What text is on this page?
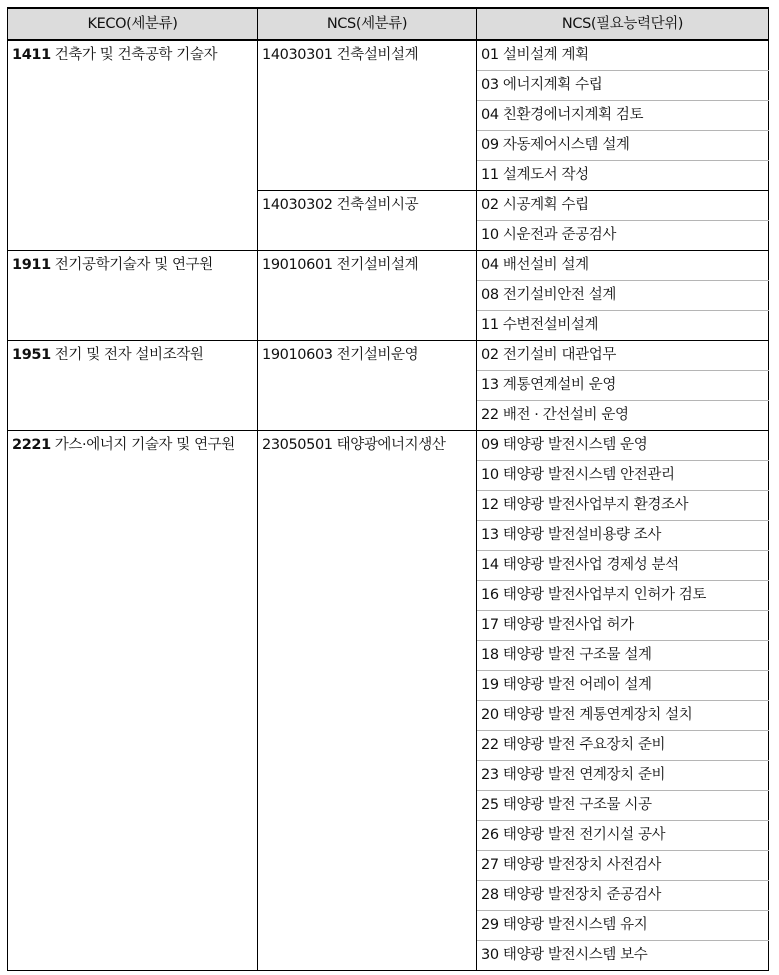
KECO(세분류)	NCS(세분류)	NCS(필요능력단위)
1411 건축가 및 건축공학 기술자	14030301 건축설비설계	01 설비설계 계획
		03 에너지계획 수립
		04 친환경에너지계획 검토
		09 자동제어시스템 설계
		11 설계도서 작성
	14030302 건축설비시공	02 시공계획 수립
		10 시운전과 준공검사
1911 전기공학기술자 및 연구원	19010601 전기설비설계	04 배선설비 설계
		08 전기설비안전 설계
		11 수변전설비설계
1951 전기 및 전자 설비조작원	19010603 전기설비운영	02 전기설비 대관업무
		13 계통연계설비 운영
		22 배전 · 간선설비 운영
2221 가스·에너지 기술자 및 연구원	23050501 태양광에너지생산	09 태양광 발전시스템 운영
		10 태양광 발전시스템 안전관리
		12 태양광 발전사업부지 환경조사
		13 태양광 발전설비용량 조사
		14 태양광 발전사업 경제성 분석
		16 태양광 발전사업부지 인허가 검토
		17 태양광 발전사업 허가
		18 태양광 발전 구조물 설계
		19 태양광 발전 어레이 설계
		20 태양광 발전 계통연계장치 설치
		22 태양광 발전 주요장치 준비
		23 태양광 발전 연계장치 준비
		25 태양광 발전 구조물 시공
		26 태양광 발전 전기시설 공사
		27 태양광 발전장치 사전검사
		28 태양광 발전장치 준공검사
		29 태양광 발전시스템 유지
		30 태양광 발전시스템 보수
